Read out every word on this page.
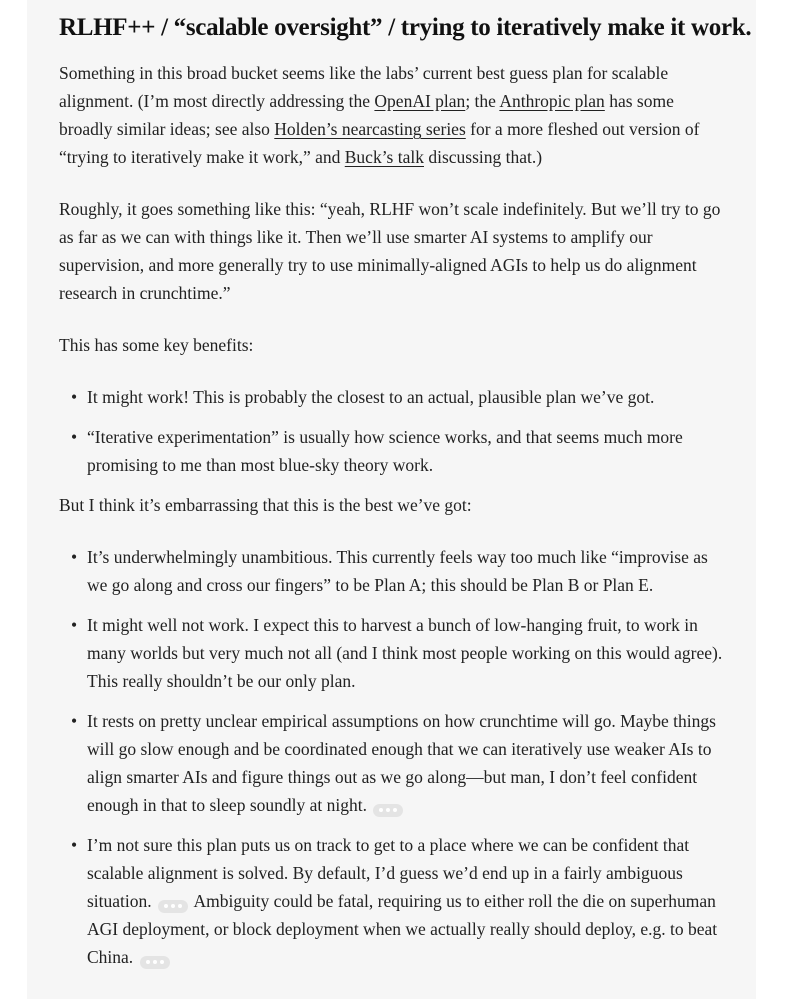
RLHF++ / “scalable oversight” / trying to iteratively make it work.

Something in this broad bucket seems like the labs’ current best guess plan for scalable alignment. (I’m most directly addressing the OpenAI plan; the Anthropic plan has some broadly similar ideas; see also Holden’s nearcasting series for a more fleshed out version of “trying to iteratively make it work,” and Buck’s talk discussing that.)

Roughly, it goes something like this: “yeah, RLHF won’t scale indefinitely. But we’ll try to go as far as we can with things like it. Then we’ll use smarter AI systems to amplify our supervision, and more generally try to use minimally-aligned AGIs to help us do alignment research in crunchtime.”

This has some key benefits:

• It might work! This is probably the closest to an actual, plausible plan we’ve got.
• “Iterative experimentation” is usually how science works, and that seems much more promising to me than most blue-sky theory work.

But I think it’s embarrassing that this is the best we’ve got:

• It’s underwhelmingly unambitious. This currently feels way too much like “improvise as we go along and cross our fingers” to be Plan A; this should be Plan B or Plan E.
• It might well not work. I expect this to harvest a bunch of low-hanging fruit, to work in many worlds but very much not all (and I think most people working on this would agree). This really shouldn’t be our only plan.
• It rests on pretty unclear empirical assumptions on how crunchtime will go. Maybe things will go slow enough and be coordinated enough that we can iteratively use weaker AIs to align smarter AIs and figure things out as we go along—but man, I don’t feel confident enough in that to sleep soundly at night.
• I’m not sure this plan puts us on track to get to a place where we can be confident that scalable alignment is solved. By default, I’d guess we’d end up in a fairly ambiguous situation. Ambiguity could be fatal, requiring us to either roll the die on superhuman AGI deployment, or block deployment when we actually really should deploy, e.g. to beat China.
